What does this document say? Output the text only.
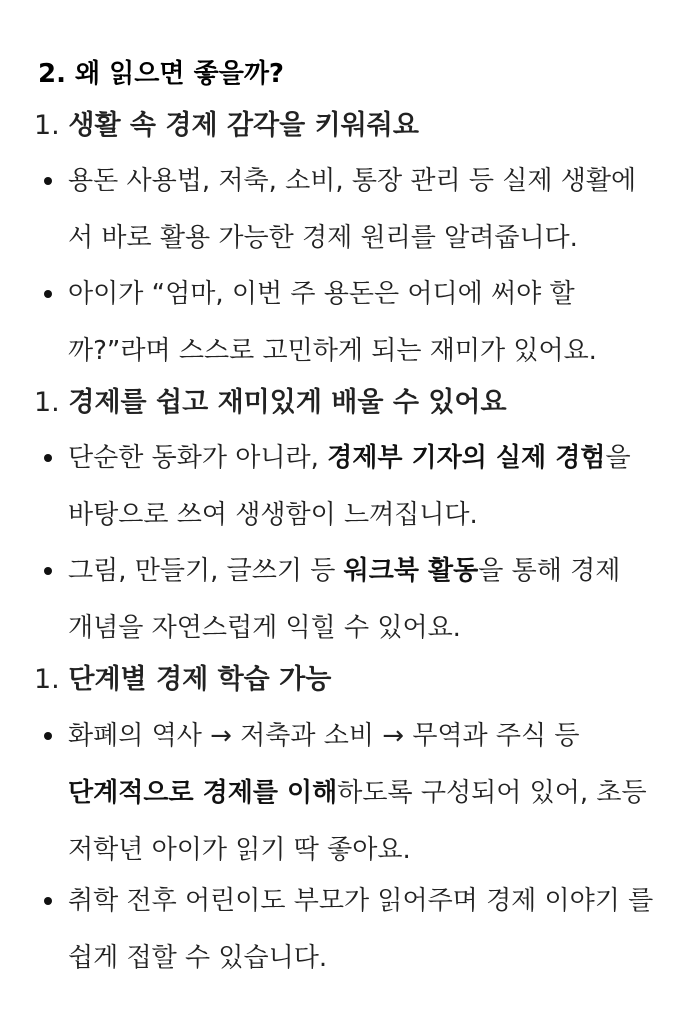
2. 왜 읽으면 좋을까?
1. 생활 속 경제 감각을 키워줘요
용돈 사용법, 저축, 소비, 통장 관리 등 실제 생활에 서 바로 활용 가능한 경제 원리를 알려줍니다.
아이가 “엄마, 이번 주 용돈은 어디에 써야 할 까?”라며 스스로 고민하게 되는 재미가 있어요.
1. 경제를 쉽고 재미있게 배울 수 있어요
단순한 동화가 아니라, 경제부 기자의 실제 경험을 바탕으로 쓰여 생생함이 느껴집니다.
그림, 만들기, 글쓰기 등 워크북 활동을 통해 경제 개념을 자연스럽게 익힐 수 있어요.
1. 단계별 경제 학습 가능
화폐의 역사 → 저축과 소비 → 무역과 주식 등 단계적으로 경제를 이해하도록 구성되어 있어, 초등 저학년 아이가 읽기 딱 좋아요.
취학 전후 어린이도 부모가 읽어주며 경제 이야기 를 쉽게 접할 수 있습니다.
